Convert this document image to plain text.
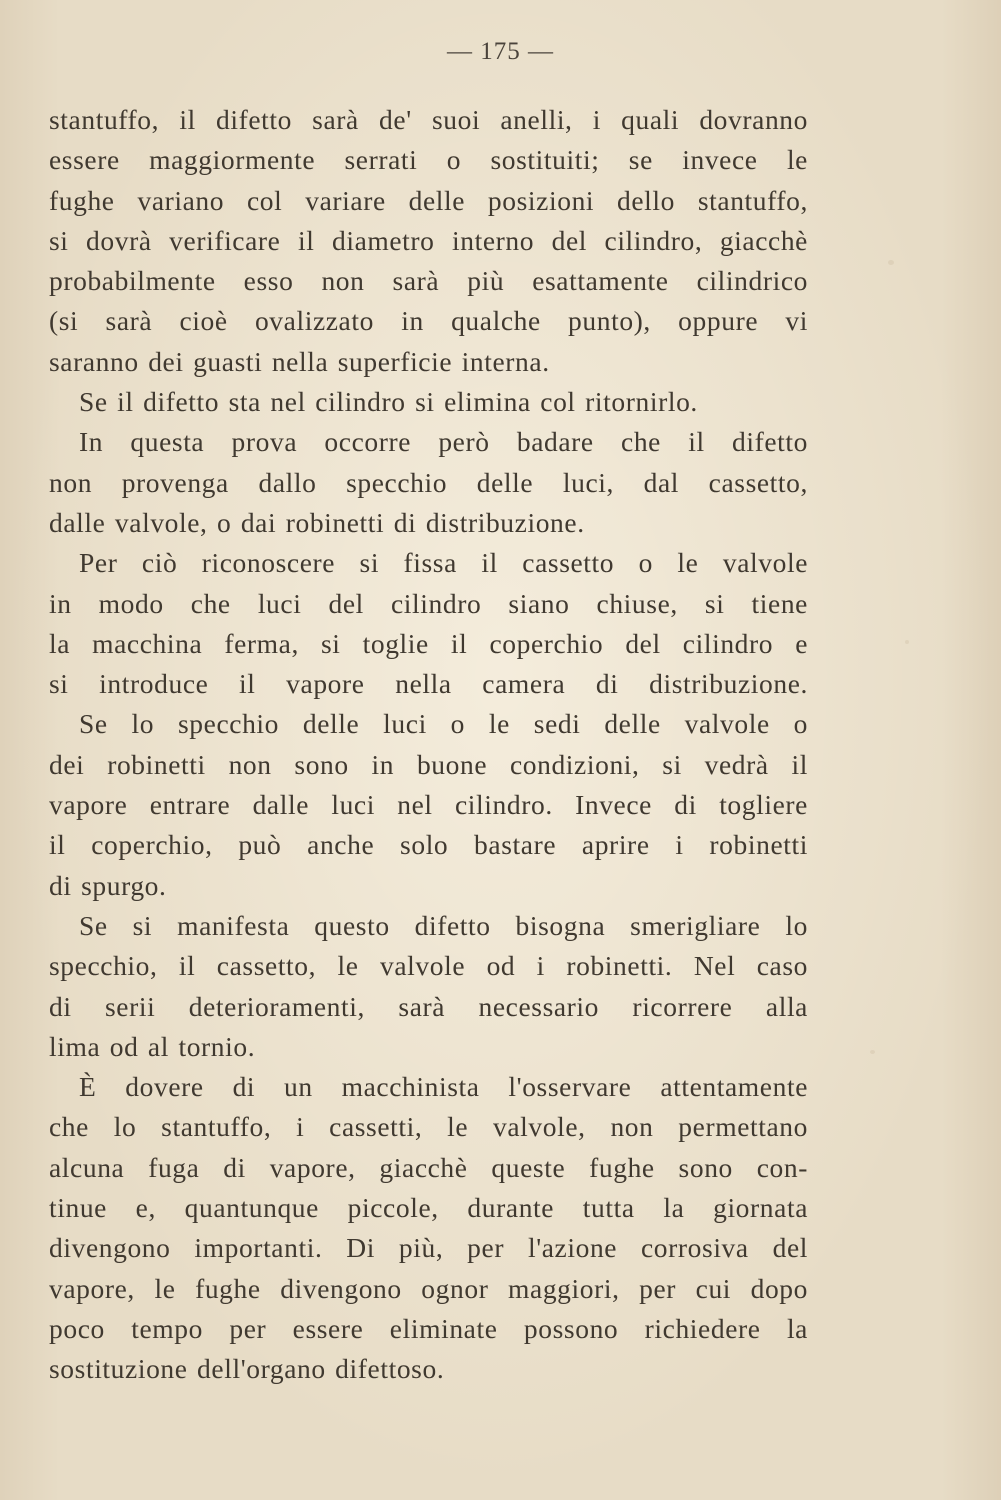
— 175 —
stantuffo, il difetto sarà de' suoi anelli, i quali dovranno
essere maggiormente serrati o sostituiti; se invece le
fughe variano col variare delle posizioni dello stantuffo,
si dovrà verificare il diametro interno del cilindro, giacchè
probabilmente esso non sarà più esattamente cilindrico
(si sarà cioè ovalizzato in qualche punto), oppure vi
saranno dei guasti nella superficie interna.
Se il difetto sta nel cilindro si elimina col ritornirlo.
In questa prova occorre però badare che il difetto
non provenga dallo specchio delle luci, dal cassetto,
dalle valvole, o dai robinetti di distribuzione.
Per ciò riconoscere si fissa il cassetto o le valvole
in modo che luci del cilindro siano chiuse, si tiene
la macchina ferma, si toglie il coperchio del cilindro e
si introduce il vapore nella camera di distribuzione.
Se lo specchio delle luci o le sedi delle valvole o
dei robinetti non sono in buone condizioni, si vedrà il
vapore entrare dalle luci nel cilindro. Invece di togliere
il coperchio, può anche solo bastare aprire i robinetti
di spurgo.
Se si manifesta questo difetto bisogna smerigliare lo
specchio, il cassetto, le valvole od i robinetti. Nel caso
di serii deterioramenti, sarà necessario ricorrere alla
lima od al tornio.
È dovere di un macchinista l'osservare attentamente
che lo stantuffo, i cassetti, le valvole, non permettano
alcuna fuga di vapore, giacchè queste fughe sono con-
tinue e, quantunque piccole, durante tutta la giornata
divengono importanti. Di più, per l'azione corrosiva del
vapore, le fughe divengono ognor maggiori, per cui dopo
poco tempo per essere eliminate possono richiedere la
sostituzione dell'organo difettoso.
